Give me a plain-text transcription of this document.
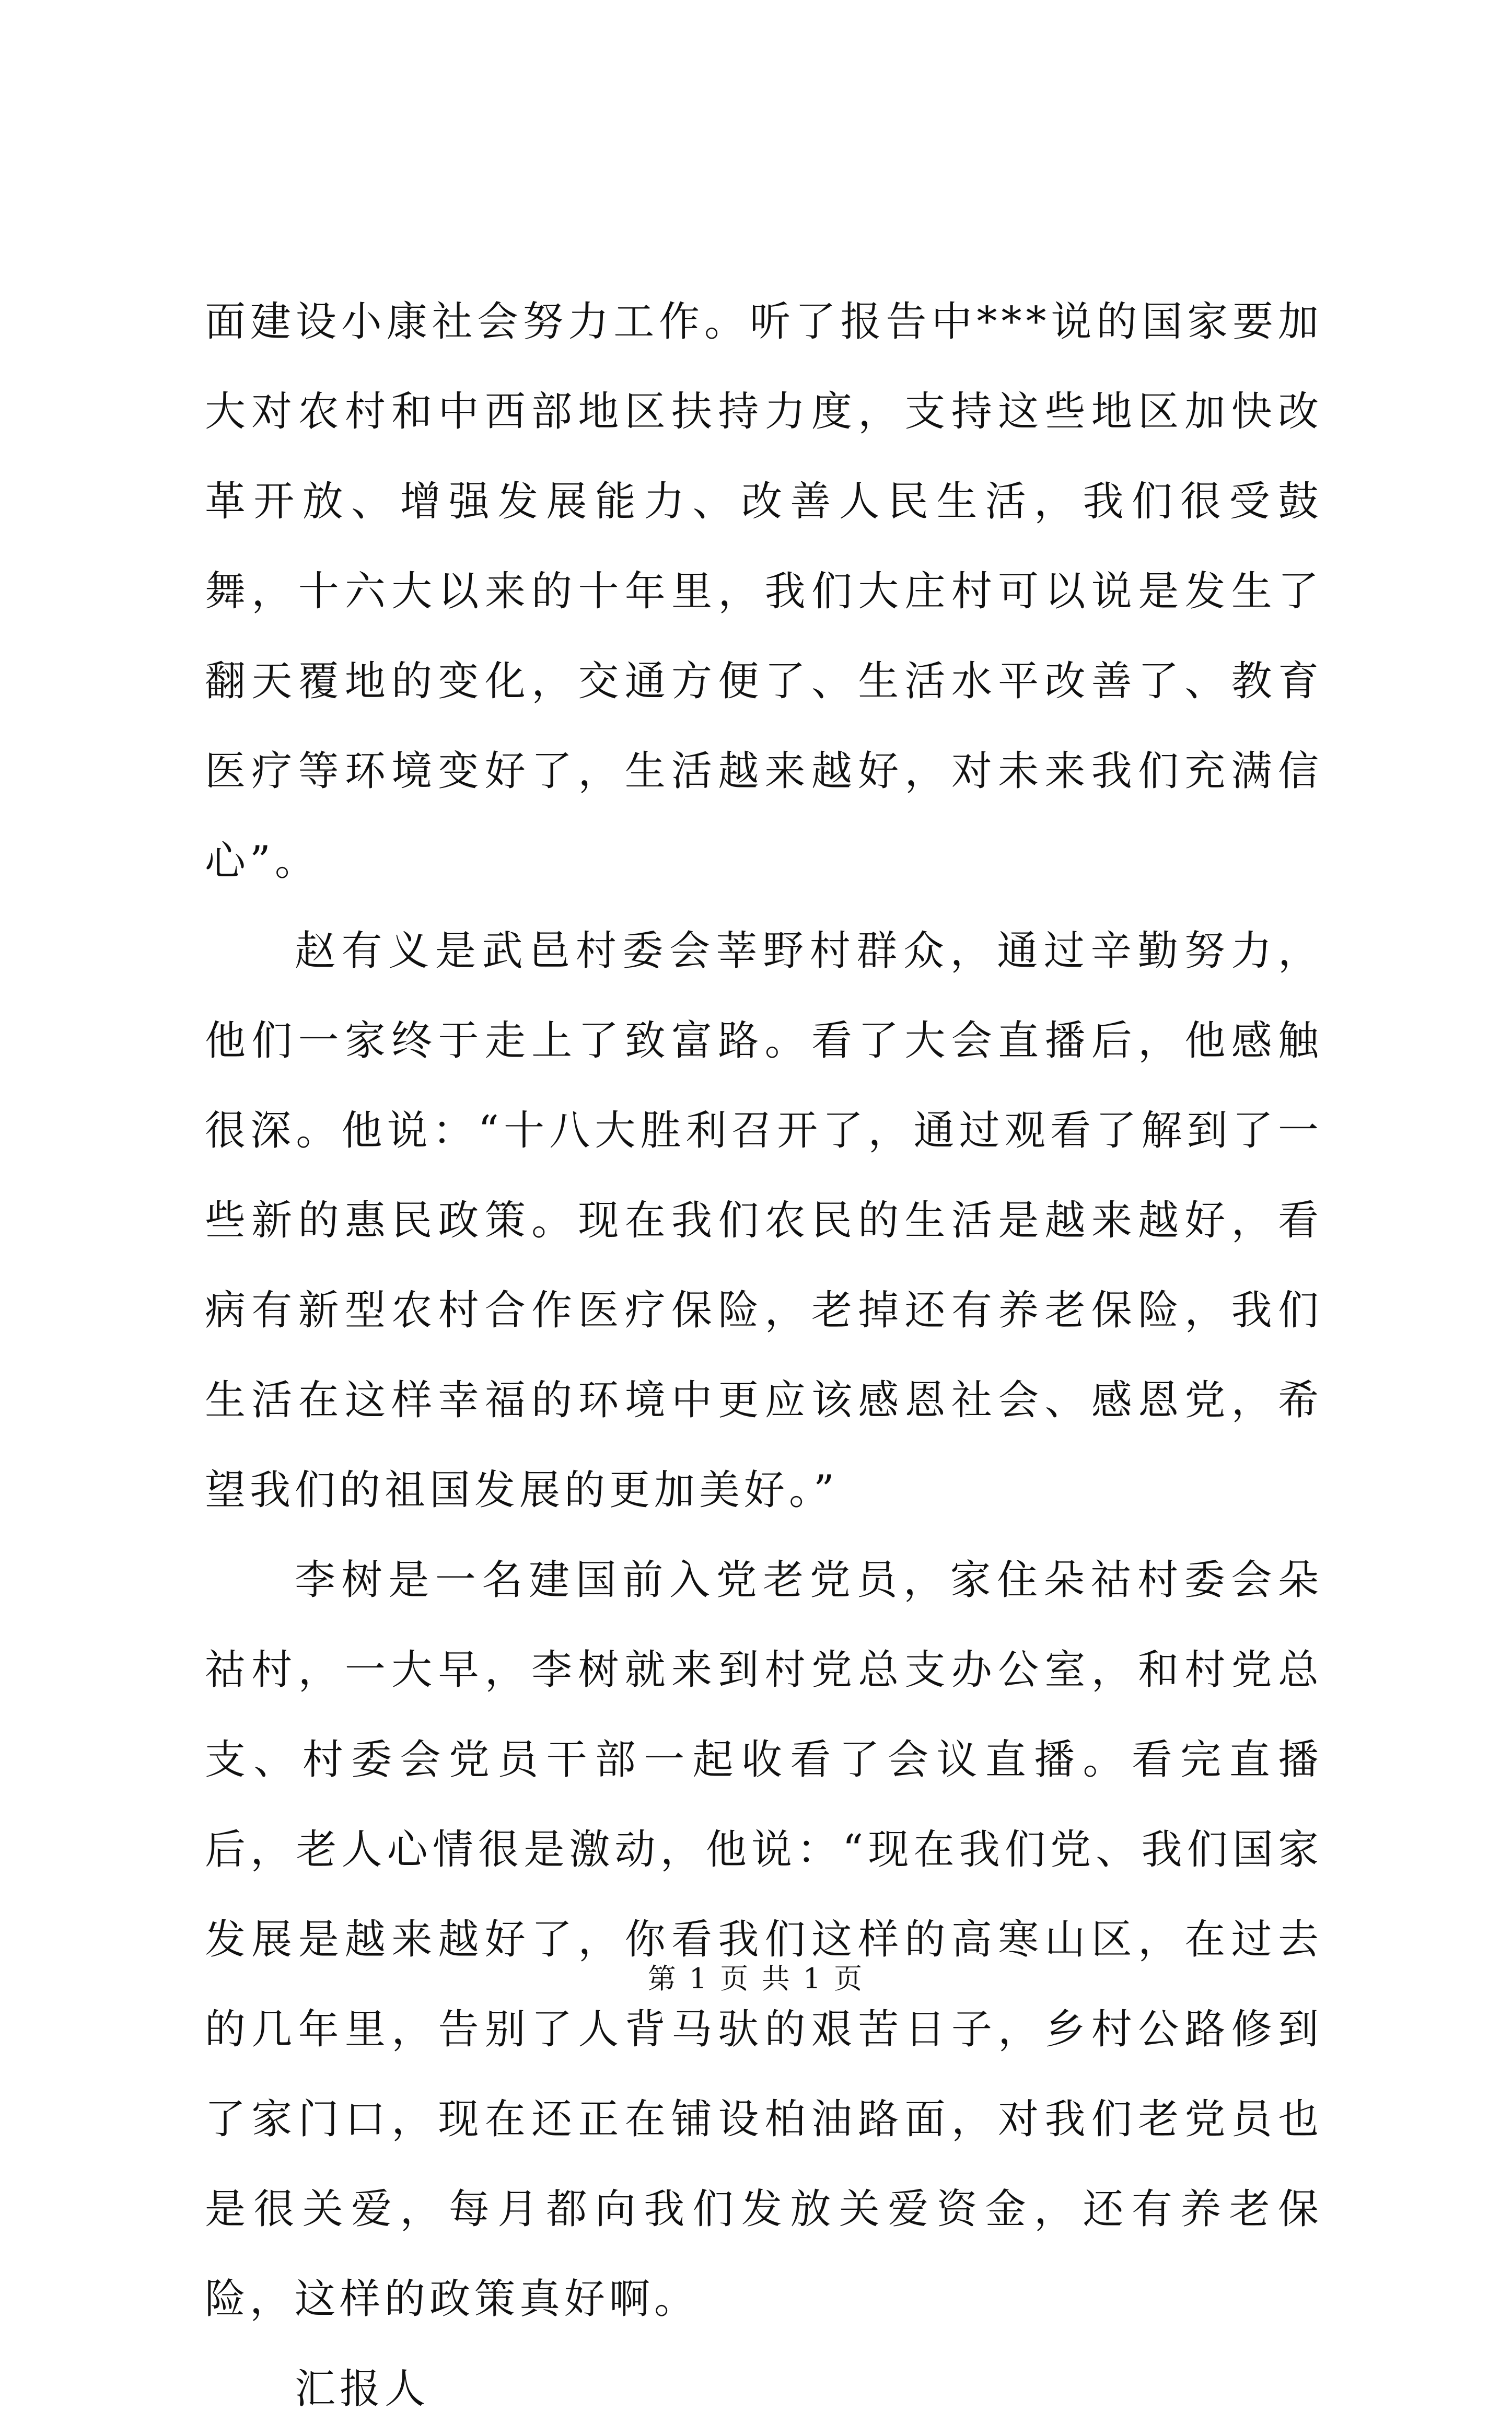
面建设小康社会努力工作。听了报告中***说的国家要加大对农村和中西部地区扶持力度，支持这些地区加快改革开放、增强发展能力、改善人民生活，我们很受鼓舞，十六大以来的十年里，我们大庄村可以说是发生了翻天覆地的变化，交通方便了、生活水平改善了、教育医疗等环境变好了，生活越来越好，对未来我们充满信心”。

赵有义是武邑村委会莘野村群众，通过辛勤努力，他们一家终于走上了致富路。看了大会直播后，他感触很深。他说：“十八大胜利召开了，通过观看了解到了一些新的惠民政策。现在我们农民的生活是越来越好，看病有新型农村合作医疗保险，老掉还有养老保险，我们生活在这样幸福的环境中更应该感恩社会、感恩党，希望我们的祖国发展的更加美好。”

李树是一名建国前入党老党员，家住朵祜村委会朵祜村，一大早，李树就来到村党总支办公室，和村党总支、村委会党员干部一起收看了会议直播。看完直播后，老人心情很是激动，他说：“现在我们党、我们国家发展是越来越好了，你看我们这样的高寒山区，在过去的几年里，告别了人背马驮的艰苦日子，乡村公路修到了家门口，现在还正在铺设柏油路面，对我们老党员也是很关爱，每月都向我们发放关爱资金，还有养老保险，这样的政策真好啊。

汇报人

第 1 页 共 1 页
